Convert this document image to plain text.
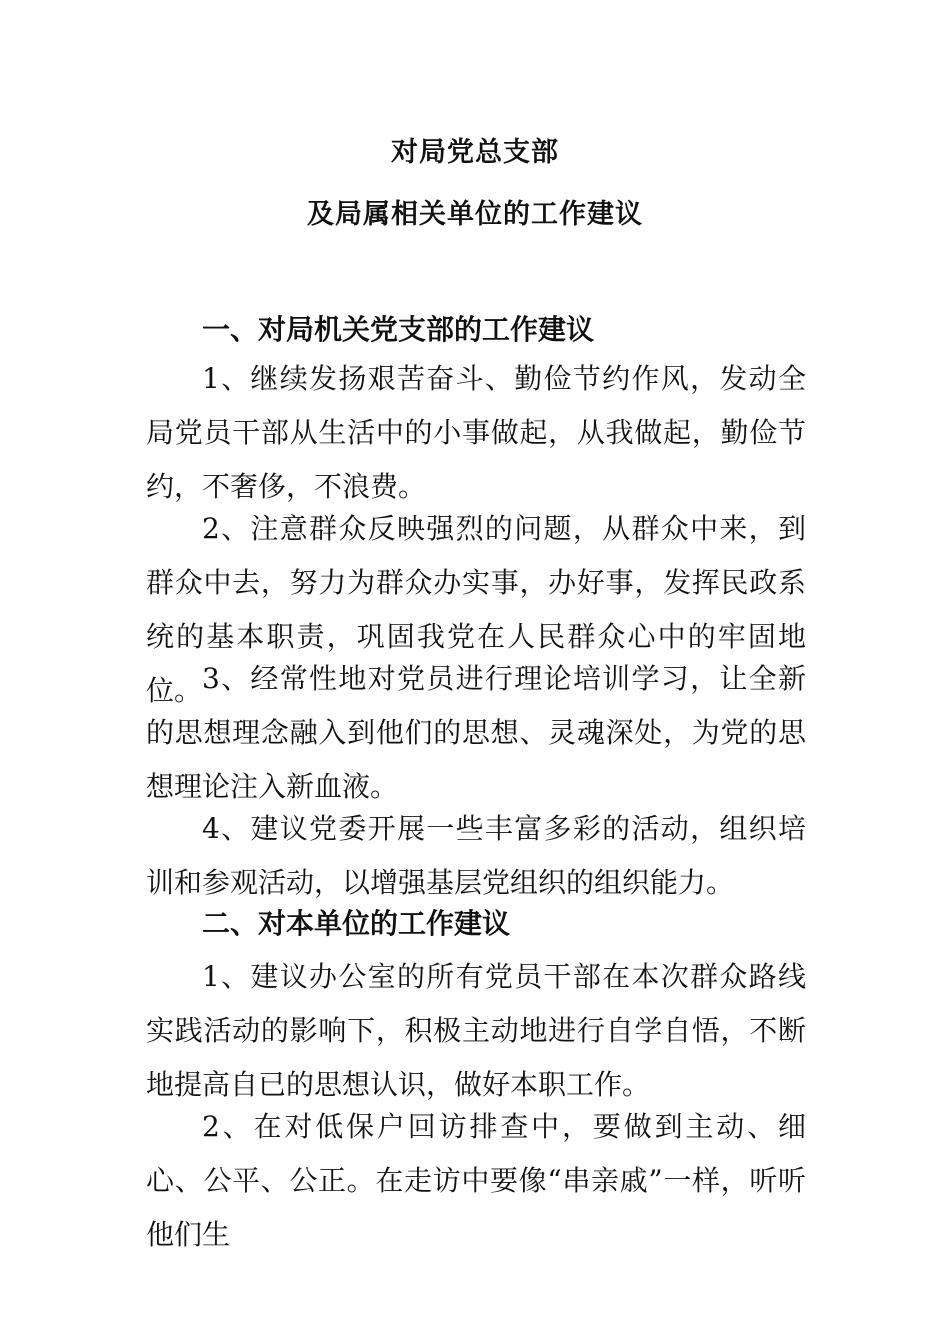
对局党总支部
及局属相关单位的工作建议
一、对局机关党支部的工作建议

1、继续发扬艰苦奋斗、勤俭节约作风，发动全局党员干部从生活中的小事做起，从我做起，勤俭节约，不奢侈，不浪费。

2、注意群众反映强烈的问题，从群众中来，到群众中去，努力为群众办实事，办好事，发挥民政系统的基本职责，巩固我党在人民群众心中的牢固地位。 3、经常性地对党员进行理论培训学习，让全新的思想理念融入到他们的思想、灵魂深处，为党的思想理论注入新血液。

4、建议党委开展一些丰富多彩的活动，组织培训和参观活动，以增强基层党组织的组织能力。

二、对本单位的工作建议

1、建议办公室的所有党员干部在本次群众路线实践活动的影响下，积极主动地进行自学自悟，不断地提高自已的思想认识，做好本职工作。

2、在对低保户回访排查中，要做到主动、细心、公平、公正。在走访中要像“串亲戚”一样，听听他们生
